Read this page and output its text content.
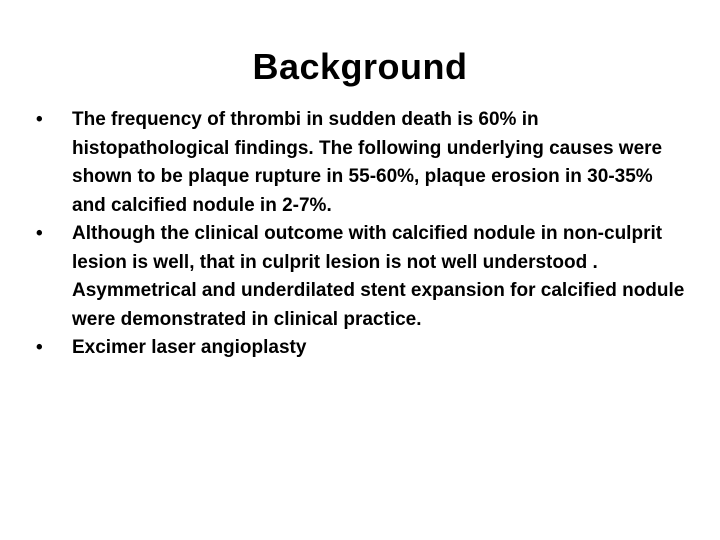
Background
•	The frequency of thrombi in sudden death is 60% in histopathological findings. The following underlying causes were shown to be plaque rupture in 55-60%, plaque erosion in 30-35% and calcified nodule in 2-7%.
•	Although the clinical outcome with calcified nodule in non-culprit lesion is well, that in culprit lesion is not well understood . Asymmetrical and underdilated stent expansion for calcified nodule were demonstrated in clinical practice.
•	Excimer laser angioplasty
